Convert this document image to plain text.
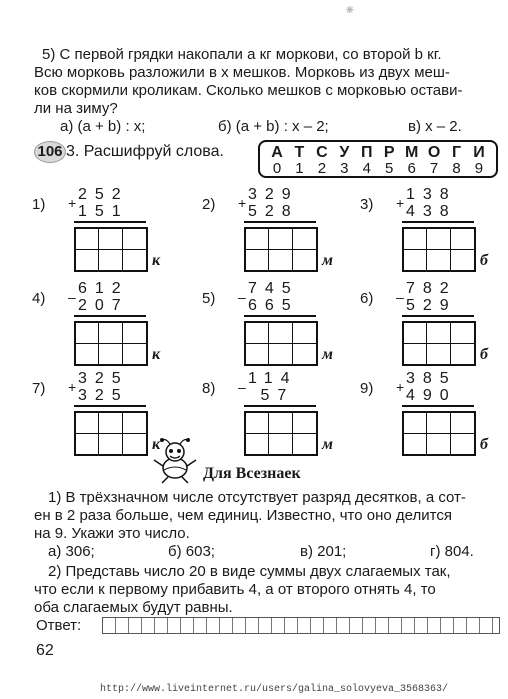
⁕
5) С первой грядки накопали а кг моркови, со второй b кг.
Всю морковь разложили в x мешков. Морковь из двух меш-
ков скормили кроликам. Сколько мешков с морковью остави-
ли на зиму?
а) (a + b) : x;	б) (a + b) : x – 2;	в) x – 2.
106 3. Расшифруй слова.	А Т С У П Р М О Г И
0 1 2 3 4 5 6 7 8 9
1) + 252
151
к
2) + 329
528
м
3) + 138
438
б
4) – 612
207
к
5) – 745
665
м
6) – 782
529
б
7) + 325
325
к
8) – 114
57
м
9) + 385
490
б
Для Всезнаек
1) В трёхзначном числе отсутствует разряд десятков, а сот-
ен в 2 раза больше, чем единиц. Известно, что оно делится
на 9. Укажи это число.
а) 306;	б) 603;	в) 201;	г) 804.
2) Представь число 20 в виде суммы двух слагаемых так,
что если к первому прибавить 4, а от второго отнять 4, то
оба слагаемых будут равны.
Ответ:
62
http://www.liveinternet.ru/users/galina_solovyeva_3568363/
